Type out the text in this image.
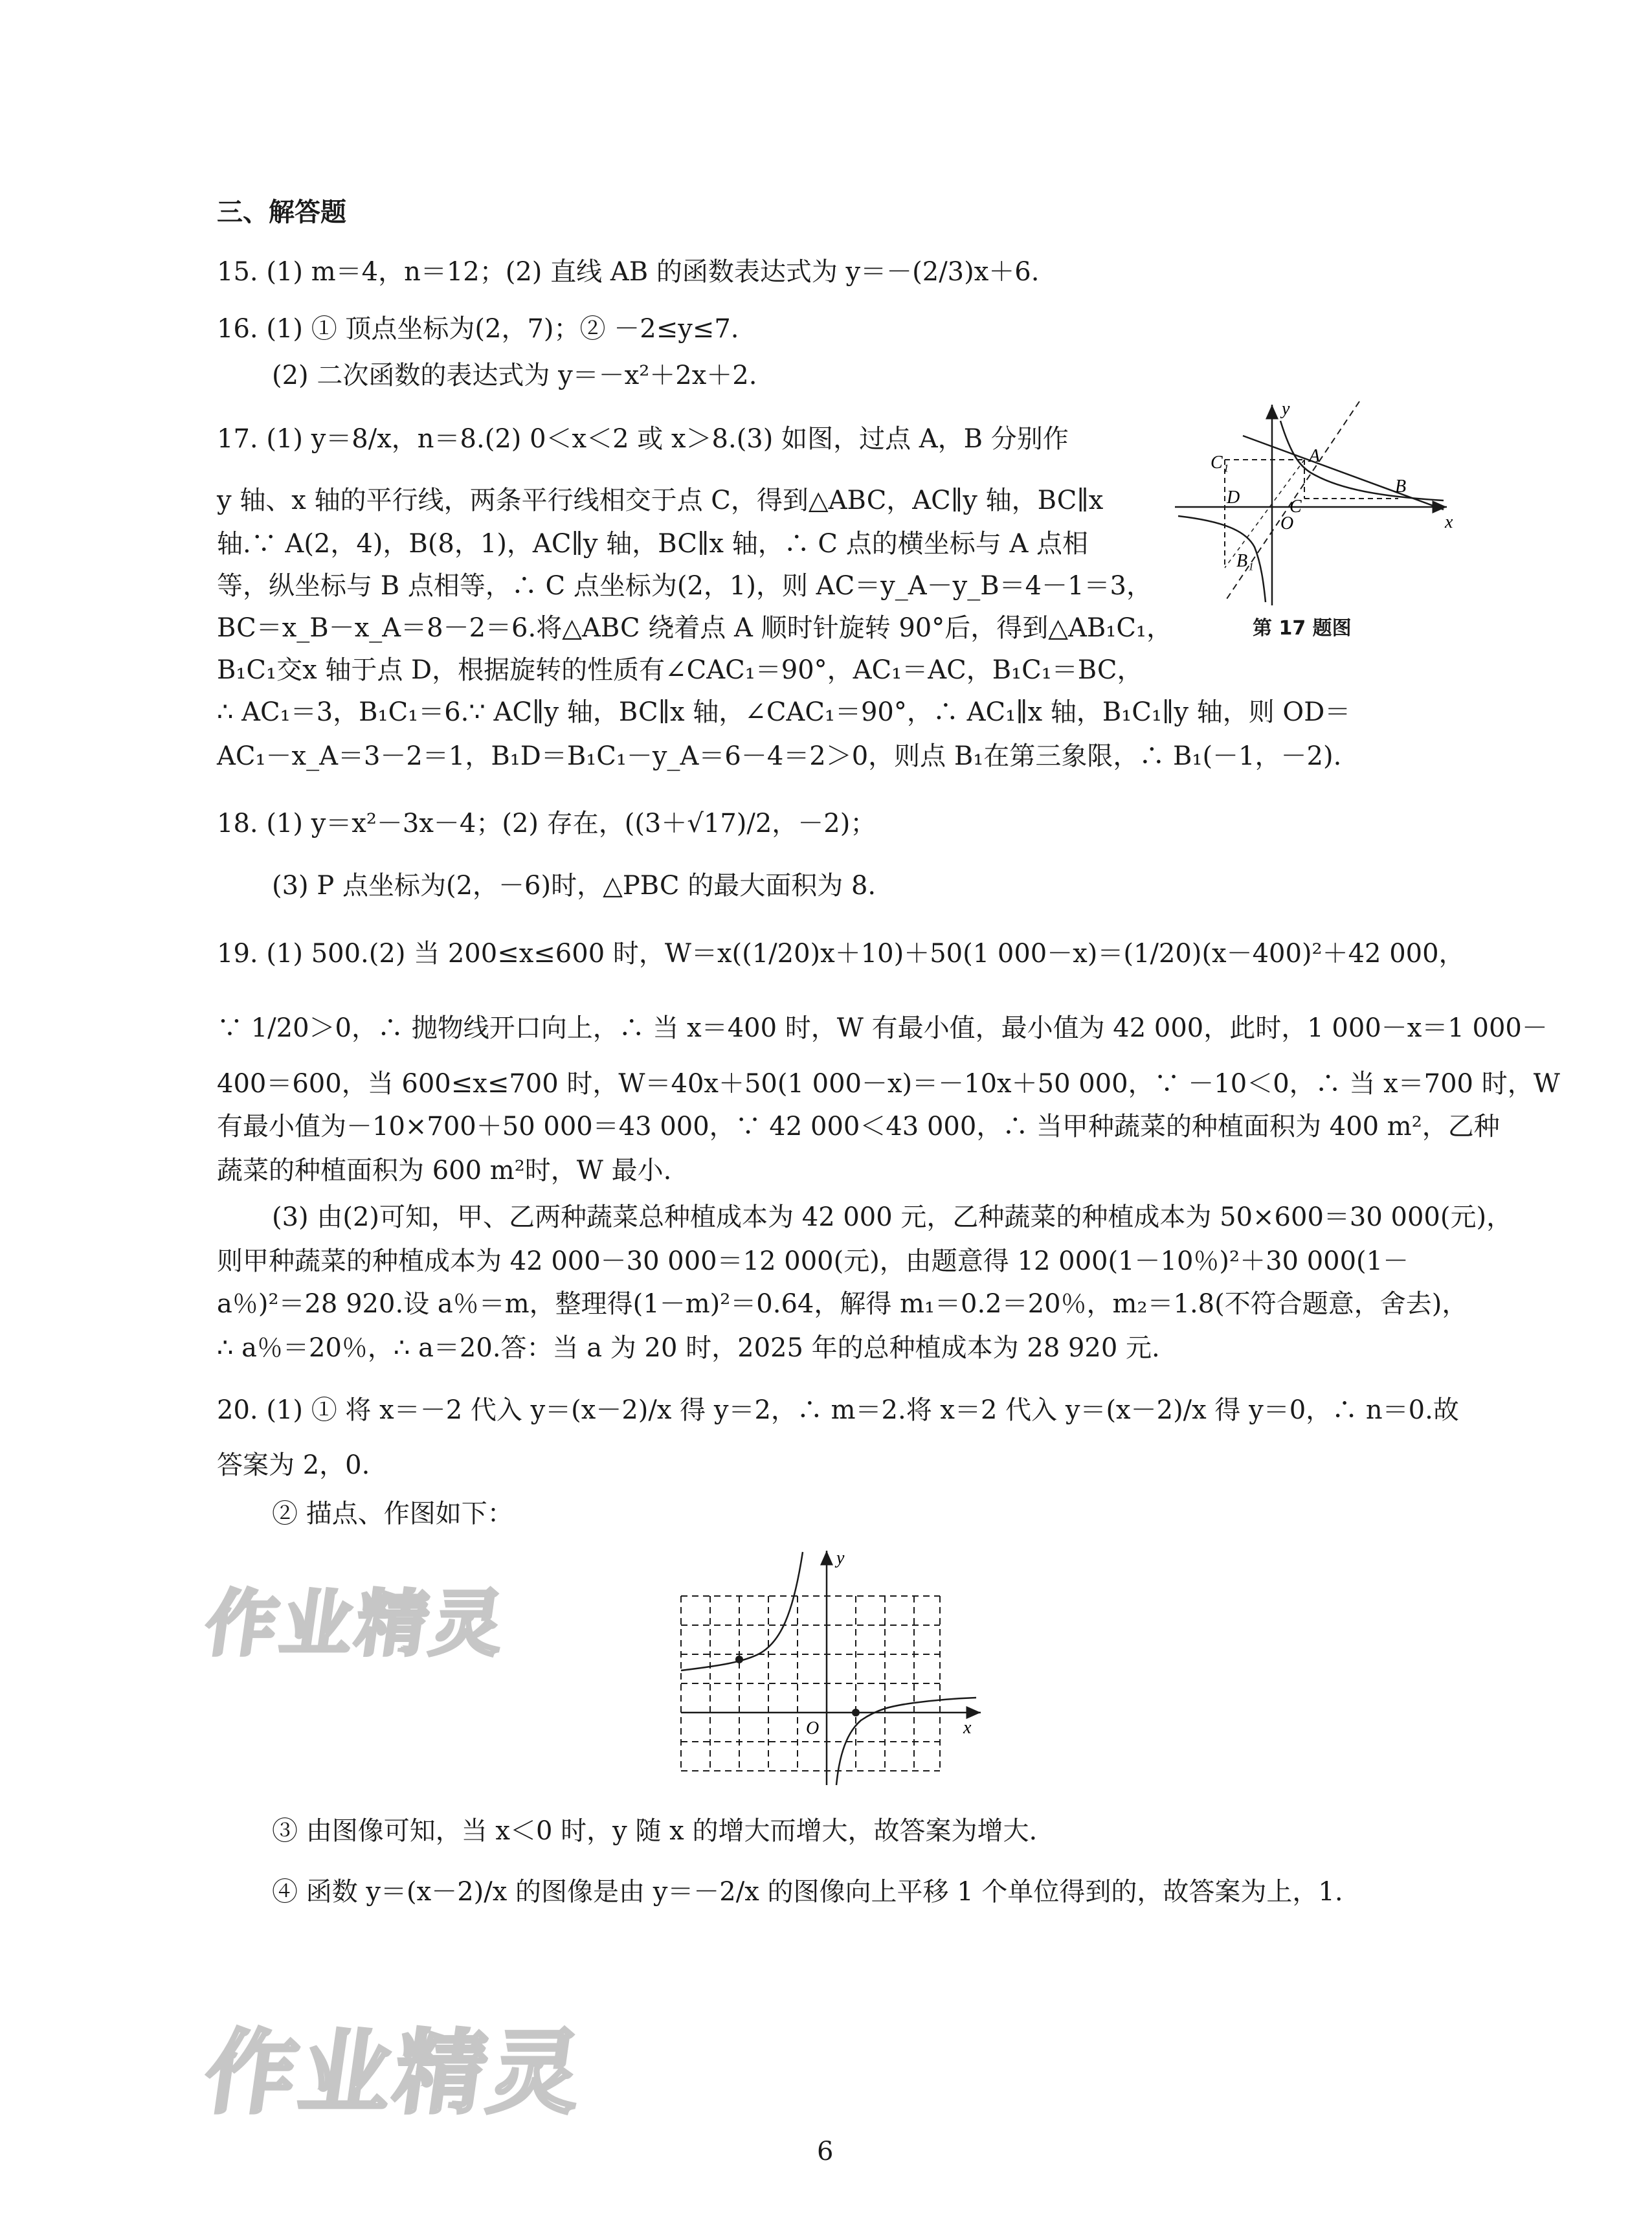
三、解答题
15. (1) m＝4，n＝12；(2) 直线 AB 的函数表达式为 y＝－(2/3)x＋6.
16. (1) ① 顶点坐标为(2，7)；② －2≤y≤7.
(2) 二次函数的表达式为 y＝－x²＋2x＋2.
17. (1) y＝8/x，n＝8.(2) 0＜x＜2 或 x＞8.(3) 如图，过点 A，B 分别作
y 轴、x 轴的平行线，两条平行线相交于点 C，得到△ABC，AC∥y 轴，BC∥x
轴.∵ A(2，4)，B(8，1)，AC∥y 轴，BC∥x 轴，∴ C 点的横坐标与 A 点相
等，纵坐标与 B 点相等，∴ C 点坐标为(2，1)，则 AC＝y_A－y_B＝4－1＝3，
BC＝x_B－x_A＝8－2＝6.将△ABC 绕着点 A 顺时针旋转 90°后，得到△AB₁C₁，
B₁C₁交x 轴于点 D，根据旋转的性质有∠CAC₁＝90°，AC₁＝AC，B₁C₁＝BC，
∴ AC₁＝3，B₁C₁＝6.∵ AC∥y 轴，BC∥x 轴，∠CAC₁＝90°，∴ AC₁∥x 轴，B₁C₁∥y 轴，则 OD＝
AC₁－x_A＝3－2＝1，B₁D＝B₁C₁－y_A＝6－4＝2＞0，则点 B₁在第三象限，∴ B₁(－1，－2).
18. (1) y＝x²－3x－4；(2) 存在，((3＋√17)/2，－2)；
(3) P 点坐标为(2，－6)时，△PBC 的最大面积为 8.
19. (1) 500.(2) 当 200≤x≤600 时，W＝x((1/20)x＋10)＋50(1 000－x)＝(1/20)(x－400)²＋42 000，
∵ 1/20＞0，∴ 抛物线开口向上，∴ 当 x＝400 时，W 有最小值，最小值为 42 000，此时，1 000－x＝1 000－
400＝600，当 600≤x≤700 时，W＝40x＋50(1 000－x)＝－10x＋50 000，∵ －10＜0，∴ 当 x＝700 时，W
有最小值为－10×700＋50 000＝43 000，∵ 42 000＜43 000，∴ 当甲种蔬菜的种植面积为 400 m²，乙种
蔬菜的种植面积为 600 m²时，W 最小.
(3) 由(2)可知，甲、乙两种蔬菜总种植成本为 42 000 元，乙种蔬菜的种植成本为 50×600＝30 000(元)，
则甲种蔬菜的种植成本为 42 000－30 000＝12 000(元)，由题意得 12 000(1－10％)²＋30 000(1－
a％)²＝28 920.设 a％＝m，整理得(1－m)²＝0.64，解得 m₁＝0.2＝20％，m₂＝1.8(不符合题意，舍去)，
∴ a％＝20％，∴ a＝20.答：当 a 为 20 时，2025 年的总种植成本为 28 920 元.
20. (1) ① 将 x＝－2 代入 y＝(x－2)/x 得 y＝2，∴ m＝2.将 x＝2 代入 y＝(x－2)/x 得 y＝0，∴ n＝0.故
答案为 2，0.
② 描点、作图如下：
③ 由图像可知，当 x＜0 时，y 随 x 的增大而增大，故答案为增大.
④ 函数 y＝(x－2)/x 的图像是由 y＝－2/x 的图像向上平移 1 个单位得到的，故答案为上，1.
y
x
O
A
B
C
C₁
D
B₁
第 17 题图
y
x
O
作业精灵
作业精灵
6
